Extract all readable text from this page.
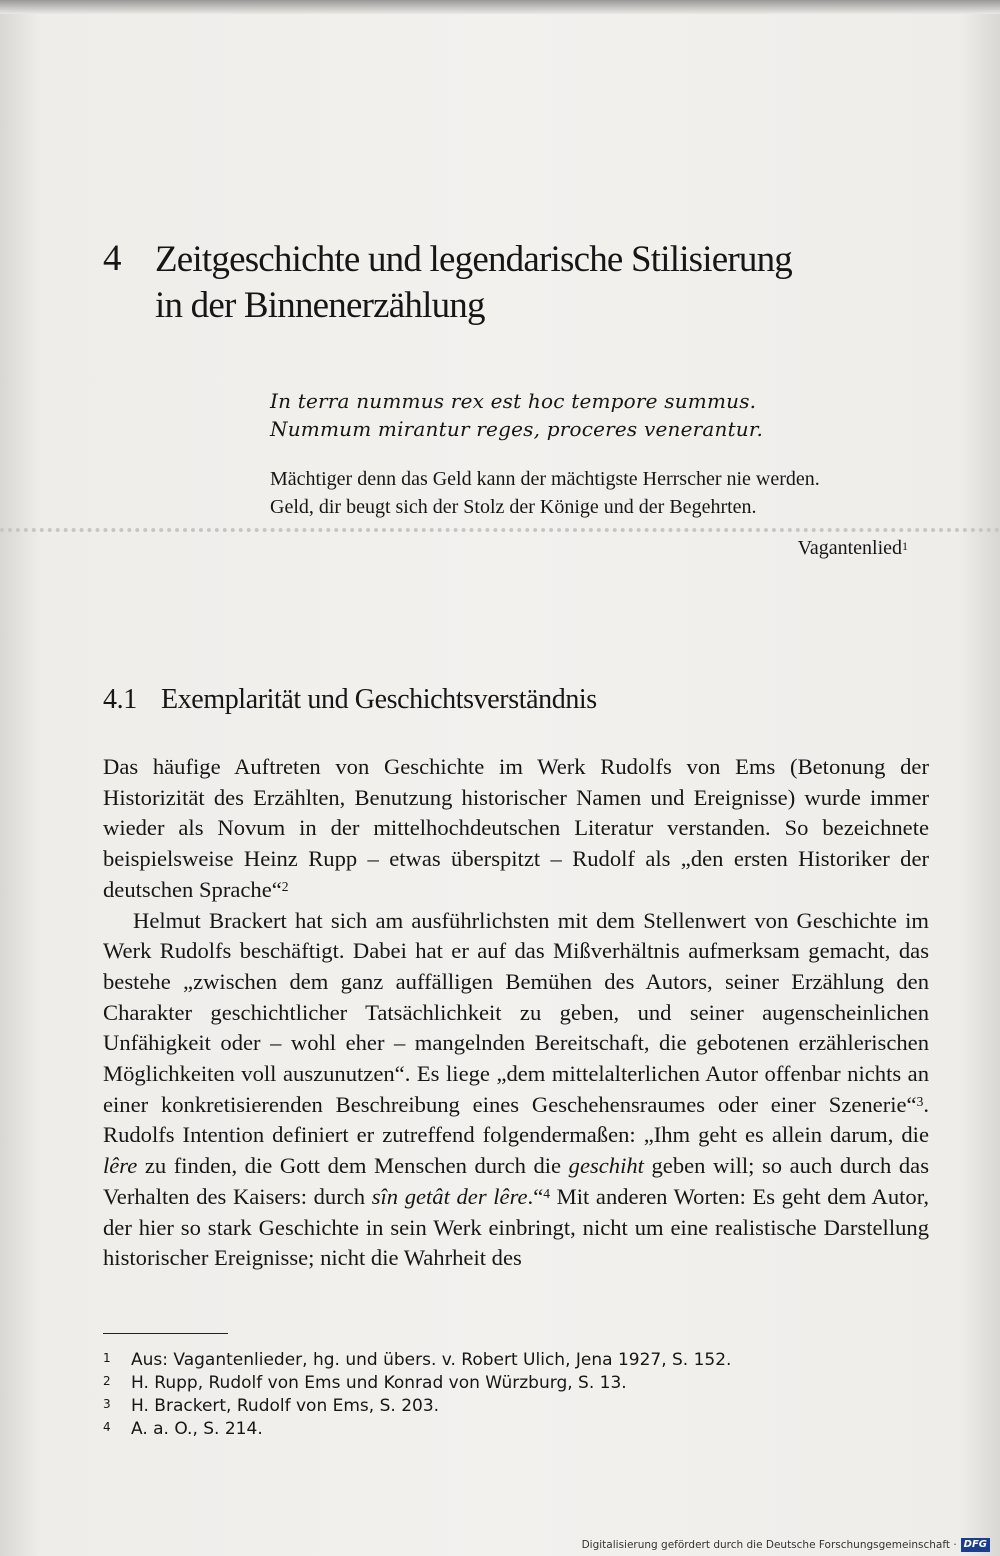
4 Zeitgeschichte und legendarische Stilisierung
in der Binnenerzählung
In terra nummus rex est hoc tempore summus.
Nummum mirantur reges, proceres venerantur.
Mächtiger denn das Geld kann der mächtigste Herrscher nie werden.
Geld, dir beugt sich der Stolz der Könige und der Begehrten.
Vagantenlied$^1$
4.1 Exemplarität und Geschichtsverständnis

Das häufige Auftreten von Geschichte im Werk Rudolfs von Ems (Betonung der Historizität des Erzählten, Benutzung historischer Namen und Ereignisse) wurde immer wieder als Novum in der mittelhochdeutschen Literatur verstanden. So bezeichnete beispielsweise Heinz Rupp – etwas überspitzt – Rudolf als „den ersten Historiker der deutschen Sprache“$^2$

Helmut Brackert hat sich am ausführlichsten mit dem Stellenwert von Geschichte im Werk Rudolfs beschäftigt. Dabei hat er auf das Mißverhältnis aufmerksam gemacht, das bestehe „zwischen dem ganz auffälligen Bemühen des Autors, seiner Erzählung den Charakter geschichtlicher Tatsächlichkeit zu geben, und seiner augenscheinlichen Unfähigkeit oder – wohl eher – mangelnden Bereitschaft, die gebotenen erzählerischen Möglichkeiten voll auszunutzen“. Es liege „dem mittelalterlichen Autor offenbar nichts an einer konkretisierenden Beschreibung eines Geschehensraumes oder einer Szenerie“$^3$. Rudolfs Intention definiert er zutreffend folgendermaßen: „Ihm geht es allein darum, die lêre zu finden, die Gott dem Menschen durch die geschiht geben will; so auch durch das Verhalten des Kaisers: durch sîn getât der lêre.“$^4$ Mit anderen Worten: Es geht dem Autor, der hier so stark Geschichte in sein Werk einbringt, nicht um eine realistische Darstellung historischer Ereignisse; nicht die Wahrheit des

1	Aus: Vagantenlieder, hg. und übers. v. Robert Ulich, Jena 1927, S. 152.
2	H. Rupp, Rudolf von Ems und Konrad von Würzburg, S. 13.
3	H. Brackert, Rudolf von Ems, S. 203.
4	A. a. O., S. 214.
Digitalisierung gefördert durch die Deutsche Forschungsgemeinschaft · DFG
